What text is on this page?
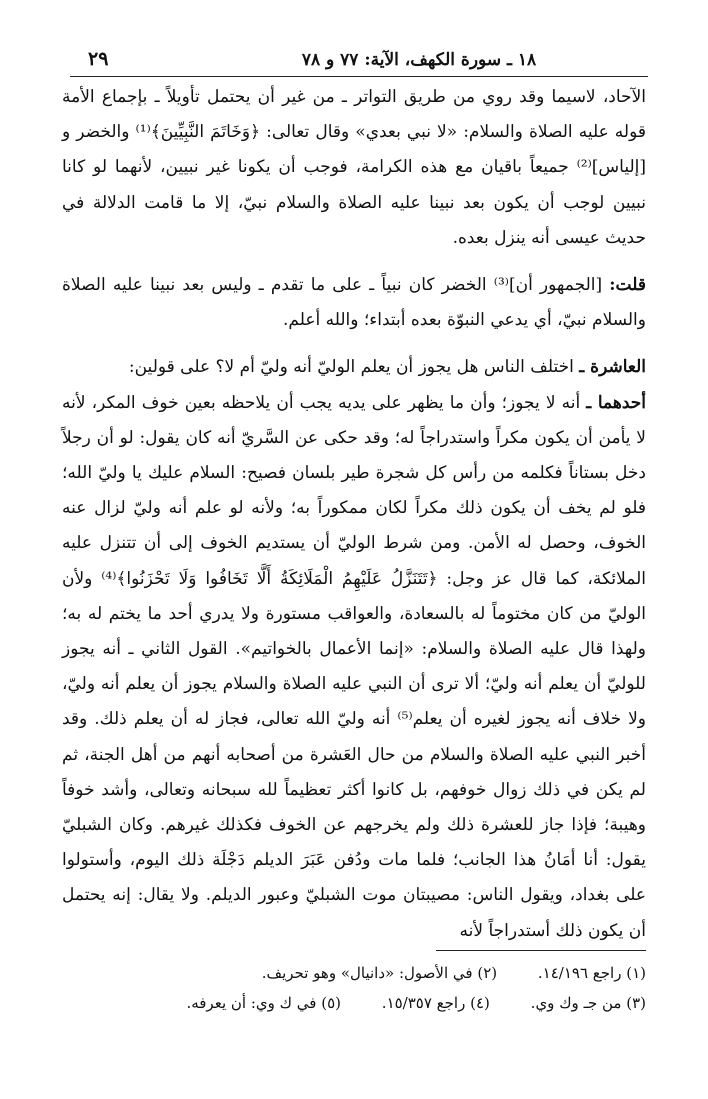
١٨ ـ سورة الكهف، الآية: ٧٧ و ٧٨
٢٩

الآحاد، لاسيما وقد روي من طريق التواتر ـ من غير أن يحتمل تأويلاً ـ بإجماع الأمة قوله عليه الصلاة والسلام: «لا نبي بعدي» وقال تعالى: ﴿وَخَاتَمَ النَّبِيِّينَ﴾⁽¹⁾ والخضر و [إلياس]⁽²⁾ جميعاً باقيان مع هذه الكرامة، فوجب أن يكونا غير نبيين، لأنهما لو كانا نبيين لوجب أن يكون بعد نبينا عليه الصلاة والسلام نبيّ، إلا ما قامت الدلالة في حديث عيسى أنه ينزل بعده.

قلت: [الجمهور أن]⁽³⁾ الخضر كان نبياً ـ على ما تقدم ـ وليس بعد نبينا عليه الصلاة والسلام نبيّ، أي يدعي النبوّة بعده أبتداء؛ والله أعلم.

العاشرة ـ اختلف الناس هل يجوز أن يعلم الوليّ أنه وليّ أم لا؟ على قولين:
أحدهما ـ أنه لا يجوز؛ وأن ما يظهر على يديه يجب أن يلاحظه بعين خوف المكر، لأنه لا يأمن أن يكون مكراً واستدراجاً له؛ وقد حكى عن السَّريّ أنه كان يقول: لو أن رجلاً دخل بستاناً فكلمه من رأس كل شجرة طير بلسان فصيح: السلام عليك يا وليّ الله؛ فلو لم يخف أن يكون ذلك مكراً لكان ممكوراً به؛ ولأنه لو علم أنه وليّ لزال عنه الخوف، وحصل له الأمن. ومن شرط الوليّ أن يستديم الخوف إلى أن تتنزل عليه الملائكة، كما قال عز وجل: ﴿تَتَنَزَّلُ عَلَيْهِمُ الْمَلَائِكَةُ أَلَّا تَخَافُوا وَلَا تَحْزَنُوا﴾⁽⁴⁾ ولأن الوليّ من كان مختوماً له بالسعادة، والعواقب مستورة ولا يدري أحد ما يختم له به؛ ولهذا قال عليه الصلاة والسلام: «إنما الأعمال بالخواتيم». القول الثاني ـ أنه يجوز للوليّ أن يعلم أنه وليّ؛ ألا ترى أن النبي عليه الصلاة والسلام يجوز أن يعلم أنه وليّ، ولا خلاف أنه يجوز لغيره أن يعلم⁽⁵⁾ أنه وليّ الله تعالى، فجاز له أن يعلم ذلك. وقد أخبر النبي عليه الصلاة والسلام من حال العَشرة من أصحابه أنهم من أهل الجنة، ثم لم يكن في ذلك زوال خوفهم، بل كانوا أكثر تعظيماً لله سبحانه وتعالى، وأشد خوفاً وهيبة؛ فإذا جاز للعشرة ذلك ولم يخرجهم عن الخوف فكذلك غيرهم. وكان الشبليّ يقول: أنا أمَانُ هذا الجانب؛ فلما مات ودُفن عَبَرَ الديلم دَجْلَة ذلك اليوم، وأستولوا على بغداد، ويقول الناس: مصيبتان موت الشبليّ وعبور الديلم. ولا يقال: إنه يحتمل أن يكون ذلك أستدراجاً لأنه

(١) راجع ١٤/١٩٦. (٢) في الأصول: «دانيال» وهو تحريف.
(٣) من جـ وك وي. (٤) راجع ١٥/٣٥٧. (٥) في ك وي: أن يعرفه.
